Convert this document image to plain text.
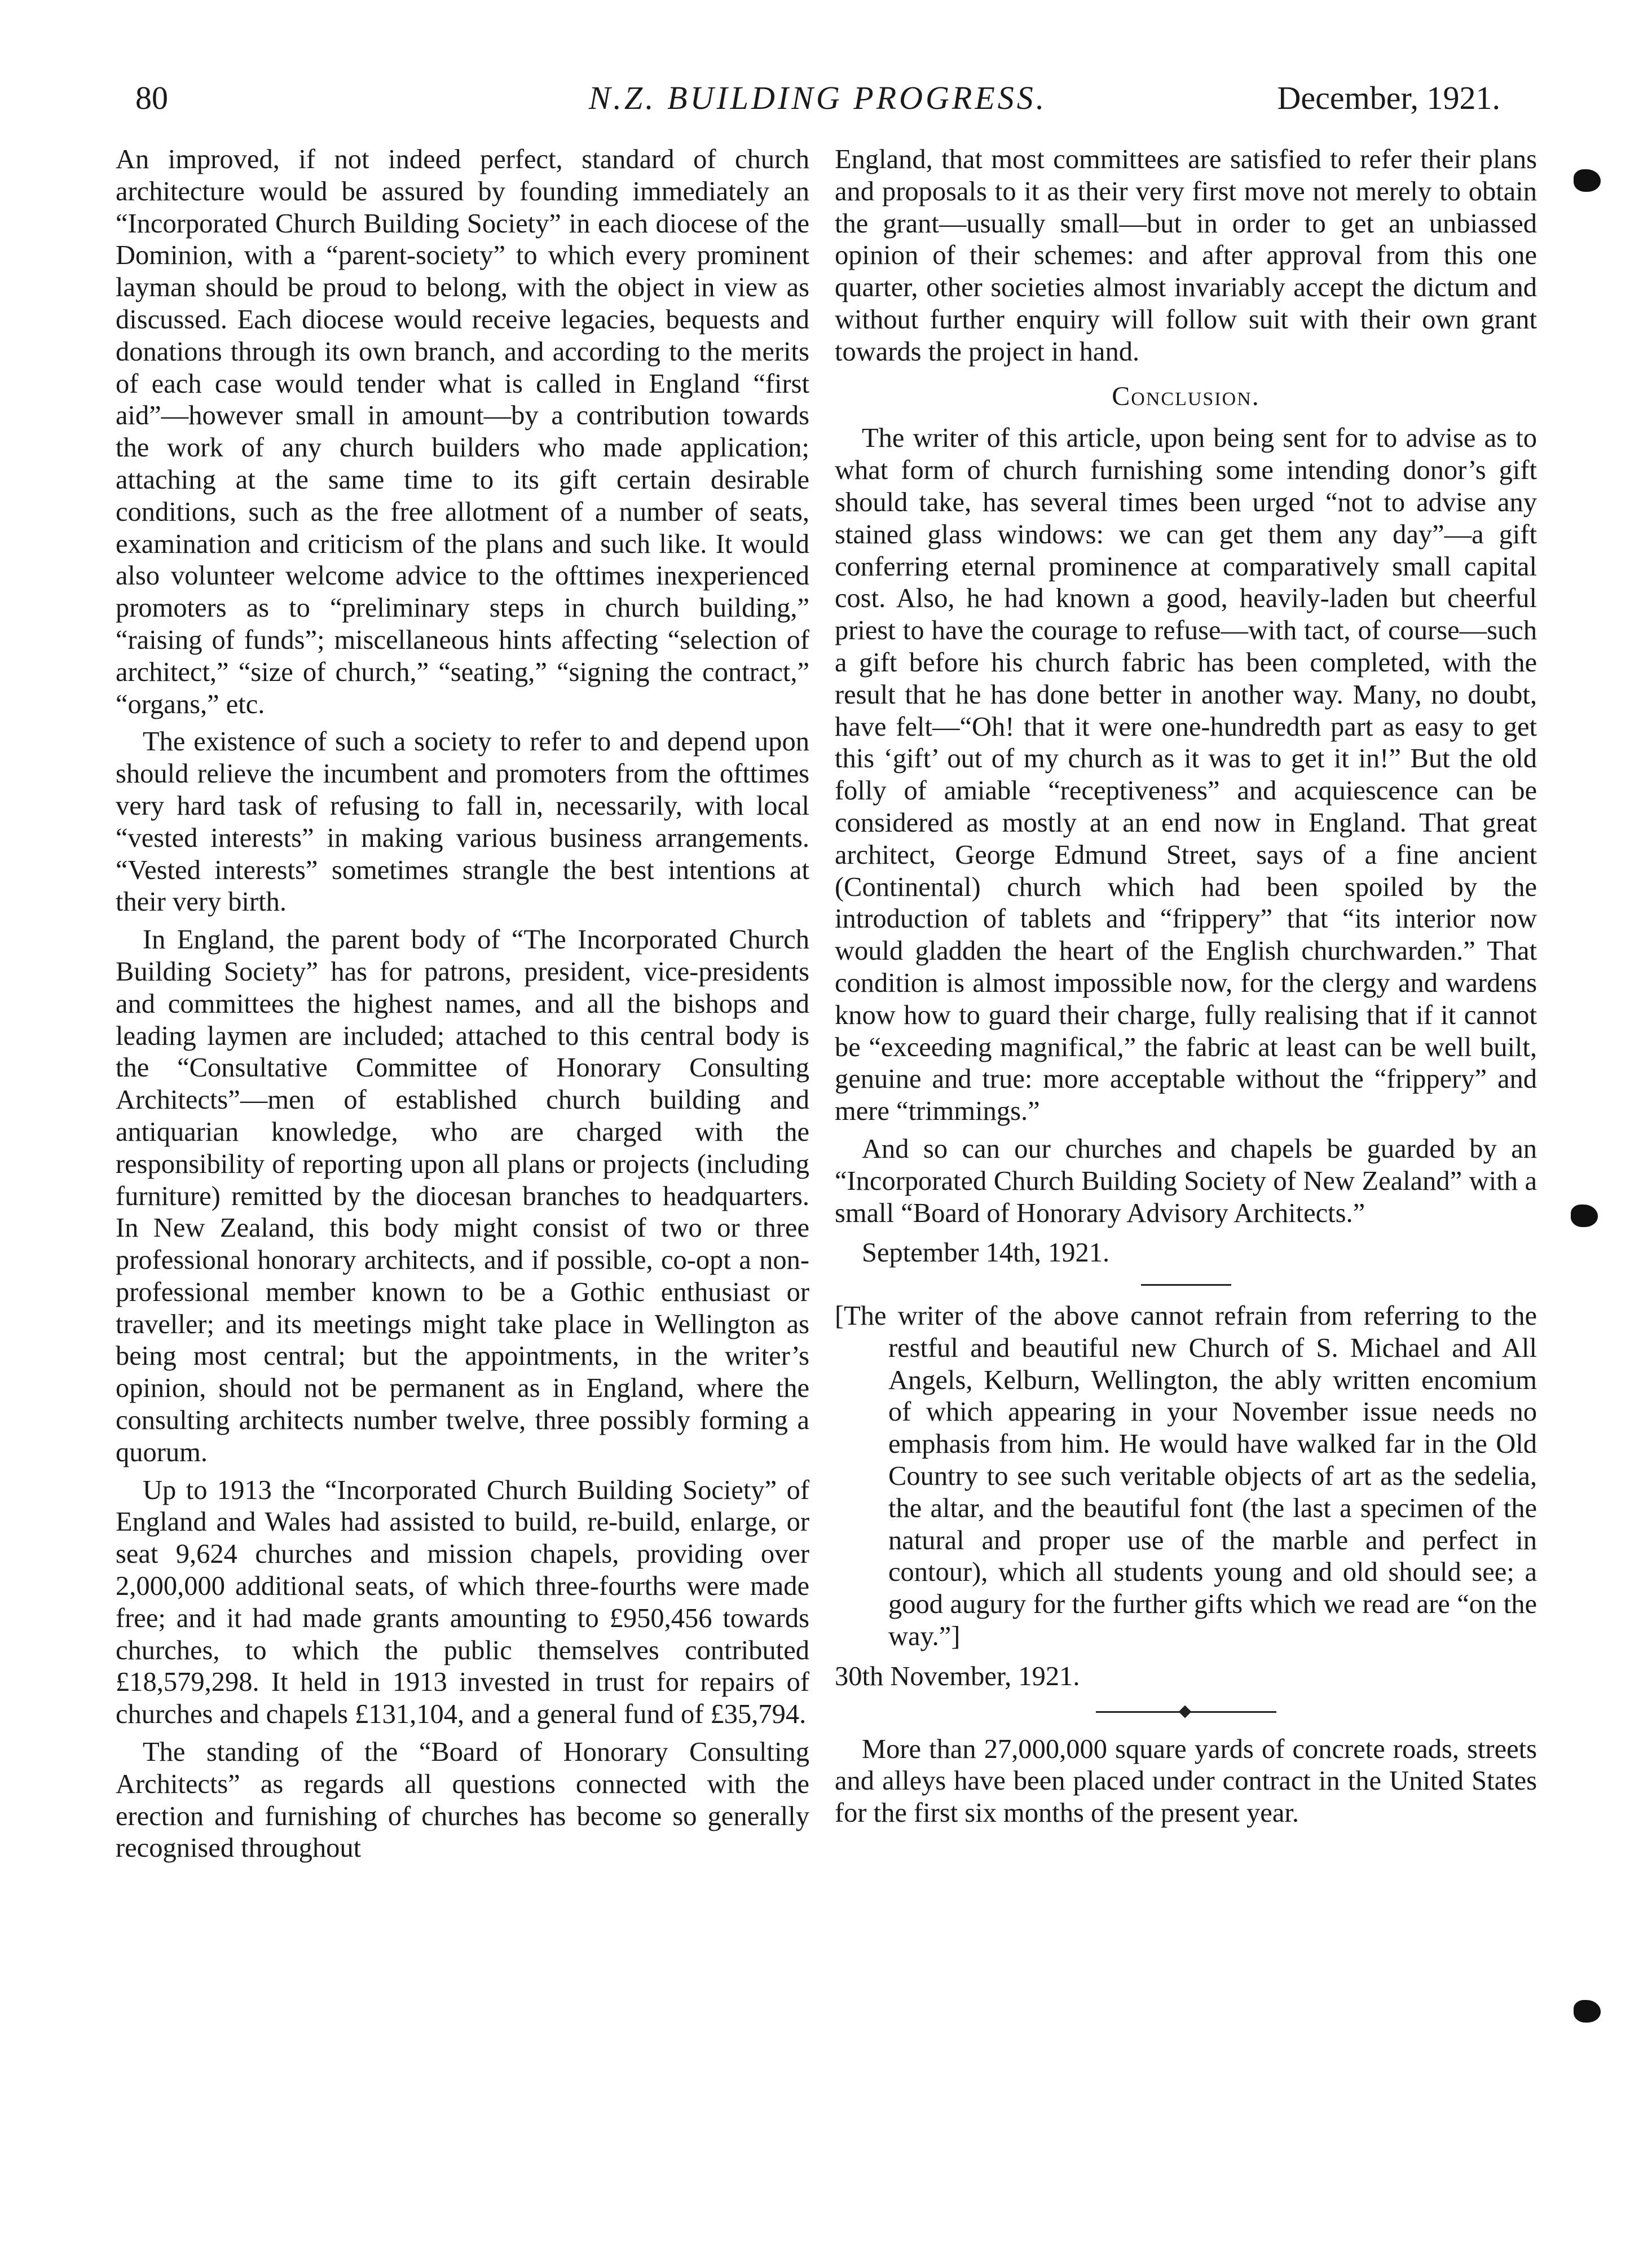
80	N.Z. BUILDING PROGRESS.	December, 1921.

An improved, if not indeed perfect, standard of church architecture would be assured by founding immediately an “Incorporated Church Building Society” in each diocese of the Dominion, with a “parent-society” to which every prominent layman should be proud to belong, with the object in view as discussed. Each diocese would receive legacies, bequests and donations through its own branch, and according to the merits of each case would tender what is called in England “first aid”—however small in amount—by a contribution towards the work of any church builders who made application; attaching at the same time to its gift certain desirable conditions, such as the free allotment of a number of seats, examination and criticism of the plans and such like. It would also volunteer welcome advice to the ofttimes inexperienced promoters as to “preliminary steps in church building,” “raising of funds”; miscellaneous hints affecting “selection of architect,” “size of church,” “seating,” “signing the contract,” “organs,” etc.

The existence of such a society to refer to and depend upon should relieve the incumbent and promoters from the ofttimes very hard task of refusing to fall in, necessarily, with local “vested interests” in making various business arrangements. “Vested interests” sometimes strangle the best intentions at their very birth.

In England, the parent body of “The Incorporated Church Building Society” has for patrons, president, vice-presidents and committees the highest names, and all the bishops and leading laymen are included; attached to this central body is the “Consultative Committee of Honorary Consulting Architects”—men of established church building and antiquarian knowledge, who are charged with the responsibility of reporting upon all plans or projects (including furniture) remitted by the diocesan branches to headquarters. In New Zealand, this body might consist of two or three professional honorary architects, and if possible, co-opt a non-professional member known to be a Gothic enthusiast or traveller; and its meetings might take place in Wellington as being most central; but the appointments, in the writer’s opinion, should not be permanent as in England, where the consulting architects number twelve, three possibly forming a quorum.

Up to 1913 the “Incorporated Church Building Society” of England and Wales had assisted to build, re-build, enlarge, or seat 9,624 churches and mission chapels, providing over 2,000,000 additional seats, of which three-fourths were made free; and it had made grants amounting to £950,456 towards churches, to which the public themselves contributed £18,579,298. It held in 1913 invested in trust for repairs of churches and chapels £131,104, and a general fund of £35,794.

The standing of the “Board of Honorary Consulting Architects” as regards all questions connected with the erection and furnishing of churches has become so generally recognised throughout

England, that most committees are satisfied to refer their plans and proposals to it as their very first move not merely to obtain the grant—usually small—but in order to get an unbiassed opinion of their schemes: and after approval from this one quarter, other societies almost invariably accept the dictum and without further enquiry will follow suit with their own grant towards the project in hand.

Conclusion.

The writer of this article, upon being sent for to advise as to what form of church furnishing some intending donor’s gift should take, has several times been urged “not to advise any stained glass windows: we can get them any day”—a gift conferring eternal prominence at comparatively small capital cost. Also, he had known a good, heavily-laden but cheerful priest to have the courage to refuse—with tact, of course—such a gift before his church fabric has been completed, with the result that he has done better in another way. Many, no doubt, have felt—“Oh! that it were one-hundredth part as easy to get this ‘gift’ out of my church as it was to get it in!” But the old folly of amiable “receptiveness” and acquiescence can be considered as mostly at an end now in England. That great architect, George Edmund Street, says of a fine ancient (Continental) church which had been spoiled by the introduction of tablets and “frippery” that “its interior now would gladden the heart of the English churchwarden.” That condition is almost impossible now, for the clergy and wardens know how to guard their charge, fully realising that if it cannot be “exceeding magnifical,” the fabric at least can be well built, genuine and true: more acceptable without the “frippery” and mere “trimmings.”

And so can our churches and chapels be guarded by an “Incorporated Church Building Society of New Zealand” with a small “Board of Honorary Advisory Architects.”

September 14th, 1921.

[The writer of the above cannot refrain from referring to the restful and beautiful new Church of S. Michael and All Angels, Kelburn, Wellington, the ably written encomium of which appearing in your November issue needs no emphasis from him. He would have walked far in the Old Country to see such veritable objects of art as the sedelia, the altar, and the beautiful font (the last a specimen of the natural and proper use of the marble and perfect in contour), which all students young and old should see; a good augury for the further gifts which we read are “on the way.”]

30th November, 1921.

More than 27,000,000 square yards of concrete roads, streets and alleys have been placed under contract in the United States for the first six months of the present year.
